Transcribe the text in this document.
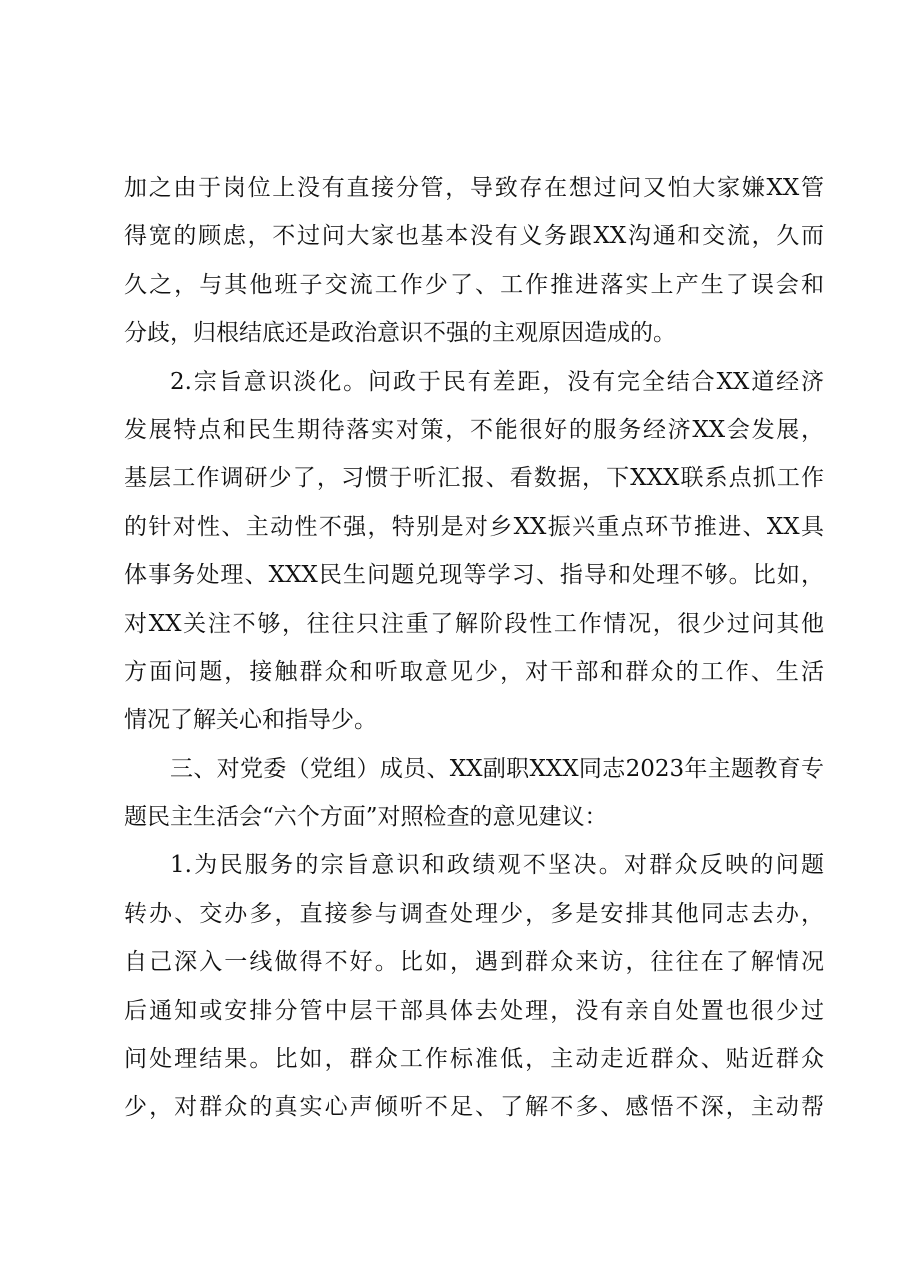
加之由于岗位上没有直接分管，导致存在想过问又怕大家嫌XX管
得宽的顾虑，不过问大家也基本没有义务跟XX沟通和交流，久而
久之，与其他班子交流工作少了、工作推进落实上产生了误会和
分歧，归根结底还是政治意识不强的主观原因造成的。
2.宗旨意识淡化。问政于民有差距，没有完全结合XX道经济
发展特点和民生期待落实对策，不能很好的服务经济XX会发展，
基层工作调研少了，习惯于听汇报、看数据，下XXX联系点抓工作
的针对性、主动性不强，特别是对乡XX振兴重点环节推进、XX具
体事务处理、XXX民生问题兑现等学习、指导和处理不够。比如，
对XX关注不够，往往只注重了解阶段性工作情况，很少过问其他
方面问题，接触群众和听取意见少，对干部和群众的工作、生活
情况了解关心和指导少。
三、对党委（党组）成员、XX副职XXX同志2023年主题教育专
题民主生活会“六个方面”对照检查的意见建议：
1.为民服务的宗旨意识和政绩观不坚决。对群众反映的问题
转办、交办多，直接参与调查处理少，多是安排其他同志去办，
自己深入一线做得不好。比如，遇到群众来访，往往在了解情况
后通知或安排分管中层干部具体去处理，没有亲自处置也很少过
问处理结果。比如，群众工作标准低，主动走近群众、贴近群众
少，对群众的真实心声倾听不足、了解不多、感悟不深，主动帮
